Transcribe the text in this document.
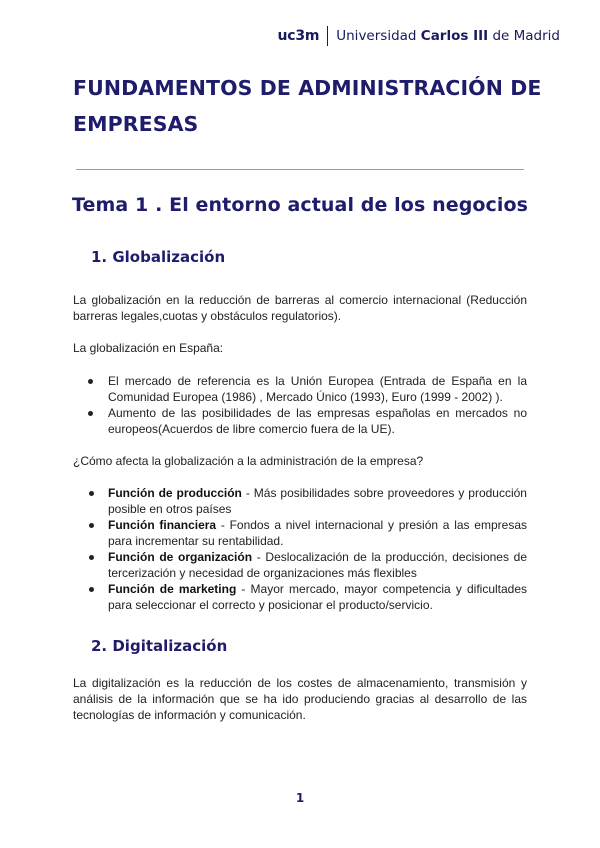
uc3m Universidad Carlos III de Madrid
FUNDAMENTOS DE ADMINISTRACIÓN DE EMPRESAS
Tema 1 . El entorno actual de los negocios
1. Globalización

La globalización en la reducción de barreras al comercio internacional (Reducción barreras legales,cuotas y obstáculos regulatorios).

La globalización en España:

El mercado de referencia es la Unión Europea (Entrada de España en la Comunidad Europea (1986) , Mercado Único (1993), Euro (1999 - 2002) ).
Aumento de las posibilidades de las empresas españolas en mercados no europeos(Acuerdos de libre comercio fuera de la UE).

¿Cómo afecta la globalización a la administración de la empresa?

Función de producción - Más posibilidades sobre proveedores y producción posible en otros países
Función financiera - Fondos a nivel internacional y presión a las empresas para incrementar su rentabilidad.
Función de organización - Deslocalización de la producción, decisiones de tercerización y necesidad de organizaciones más flexibles
Función de marketing - Mayor mercado, mayor competencia y dificultades para seleccionar el correcto y posicionar el producto/servicio.
2. Digitalización

La digitalización es la reducción de los costes de almacenamiento, transmisión y análisis de la información que se ha ido produciendo gracias al desarrollo de las tecnologías de información y comunicación.

1
